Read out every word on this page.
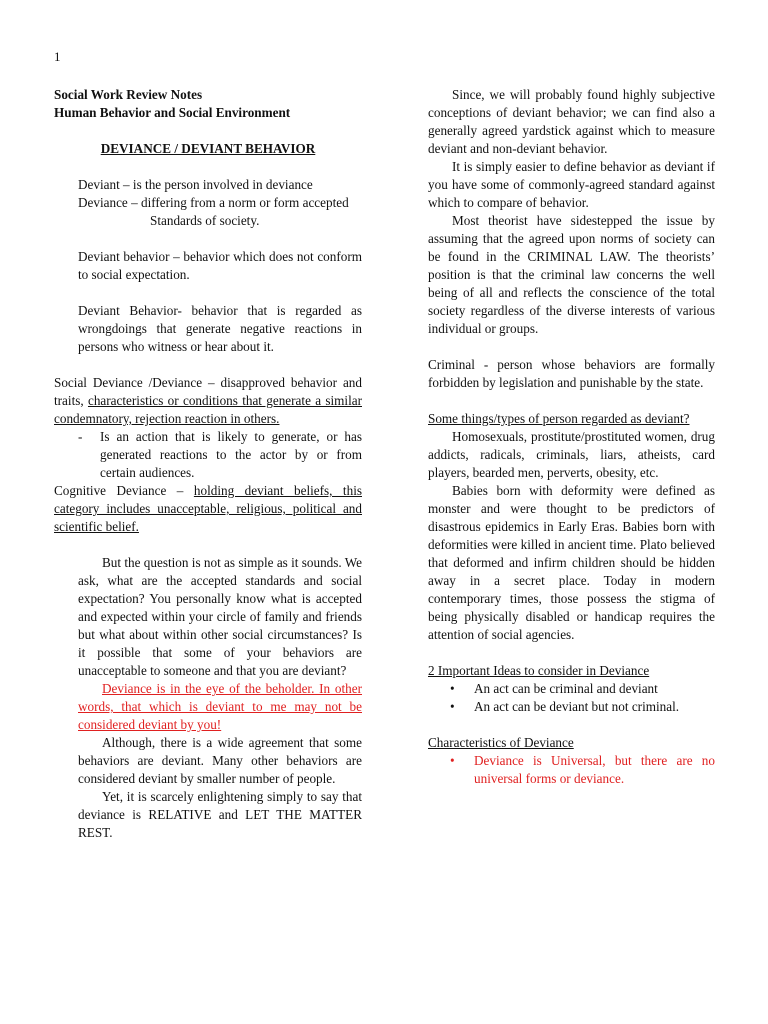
1

Social Work Review Notes

Human Behavior and Social Environment

DEVIANCE / DEVIANT BEHAVIOR

Deviant – is the person involved in deviance

Deviance – differing from a norm or form accepted

Standards of society.

Deviant behavior – behavior which does not conform to social expectation.

Deviant Behavior- behavior that is regarded as wrongdoings that generate negative reactions in persons who witness or hear about it.

Social Deviance /Deviance – disapproved behavior and traits, characteristics or conditions that generate a similar condemnatory, rejection reaction in others.

- Is an action that is likely to generate, or has generated reactions to the actor by or from certain audiences.

Cognitive Deviance – holding deviant beliefs, this category includes unacceptable, religious, political and scientific belief.

But the question is not as simple as it sounds. We ask, what are the accepted standards and social expectation? You personally know what is accepted and expected within your circle of family and friends but what about within other social circumstances? Is it possible that some of your behaviors are unacceptable to someone and that you are deviant?

Deviance is in the eye of the beholder. In other words, that which is deviant to me may not be considered deviant by you!

Although, there is a wide agreement that some behaviors are deviant. Many other behaviors are considered deviant by smaller number of people.

Yet, it is scarcely enlightening simply to say that deviance is RELATIVE and LET THE MATTER REST.

Since, we will probably found highly subjective conceptions of deviant behavior; we can find also a generally agreed yardstick against which to measure deviant and non-deviant behavior.

It is simply easier to define behavior as deviant if you have some of commonly-agreed standard against which to compare of behavior.

Most theorist have sidestepped the issue by assuming that the agreed upon norms of society can be found in the CRIMINAL LAW. The theorists’ position is that the criminal law concerns the well being of all and reflects the conscience of the total society regardless of the diverse interests of various individual or groups.

Criminal - person whose behaviors are formally forbidden by legislation and punishable by the state.

Some things/types of person regarded as deviant?

Homosexuals, prostitute/prostituted women, drug addicts, radicals, criminals, liars, atheists, card players, bearded men, perverts, obesity, etc.

Babies born with deformity were defined as monster and were thought to be predictors of disastrous epidemics in Early Eras. Babies born with deformities were killed in ancient time. Plato believed that deformed and infirm children should be hidden away in a secret place. Today in modern contemporary times, those possess the stigma of being physically disabled or handicap requires the attention of social agencies.

2 Important Ideas to consider in Deviance

• An act can be criminal and deviant

• An act can be deviant but not criminal.

Characteristics of Deviance

• Deviance is Universal, but there are no universal forms or deviance.
